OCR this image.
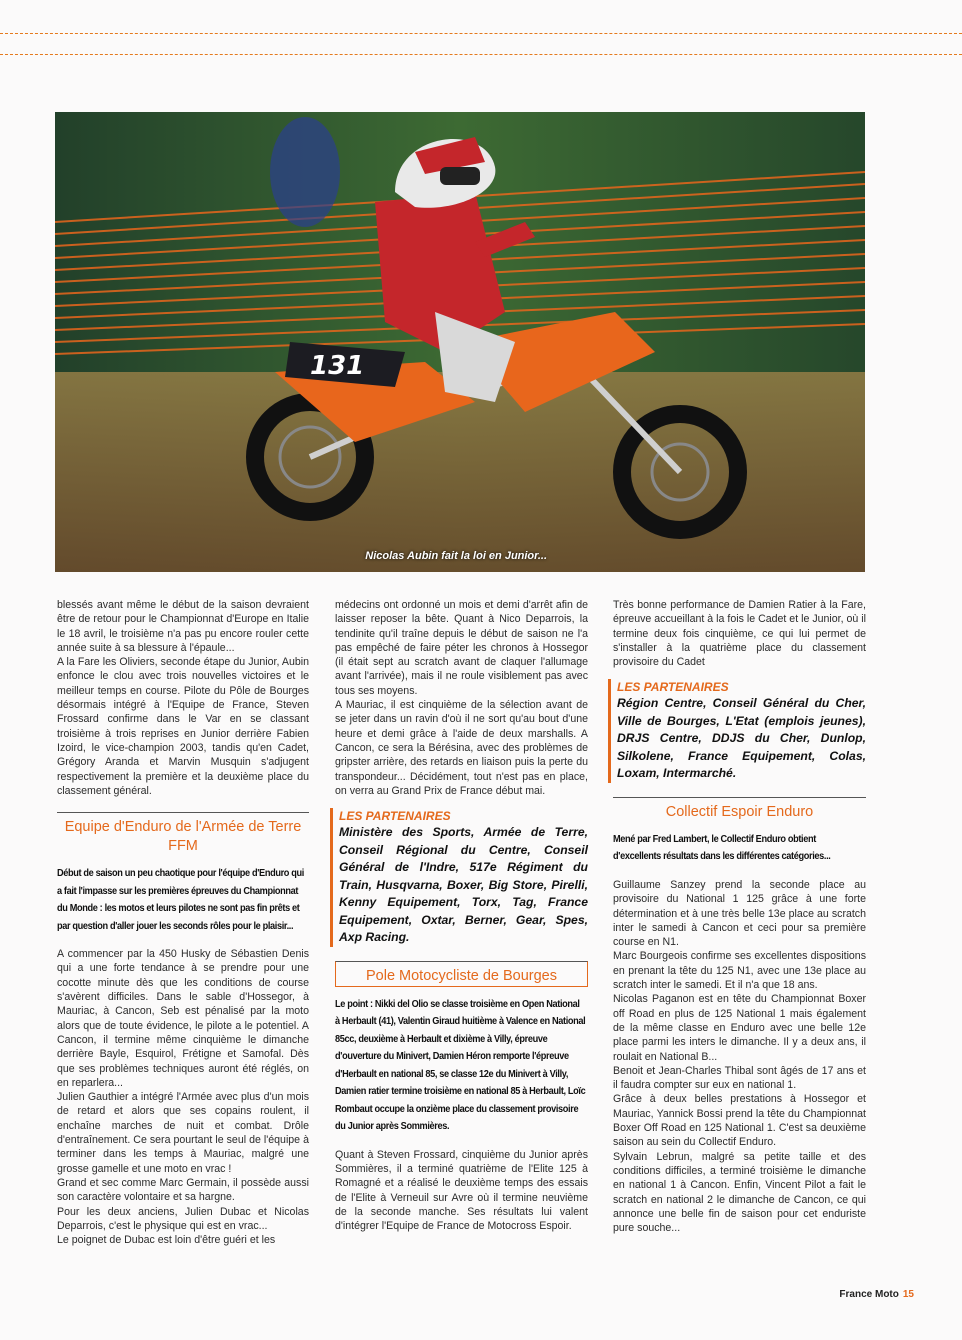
131
Nicolas Aubin fait la loi en Junior...

blessés avant même le début de la saison devraient être de retour pour le Championnat d'Europe en Italie le 18 avril, le troisième n'a pas pu encore rouler cette année suite à sa blessure à l'épaule...

A la Fare les Oliviers, seconde étape du Junior, Aubin enfonce le clou avec trois nouvelles victoires et le meilleur temps en course. Pilote du Pôle de Bourges désormais intégré à l'Equipe de France, Steven Frossard confirme dans le Var en se classant troisième à trois reprises en Junior derrière Fabien Izoird, le vice-champion 2003, tandis qu'en Cadet, Grégory Aranda et Marvin Musquin s'adjugent respectivement la première et la deuxième place du classement général.

Equipe d'Enduro de l'Armée de Terre FFM
Début de saison un peu chaotique pour l'équipe d'Enduro qui a fait l'impasse sur les premières épreuves du Championnat du Monde : les motos et leurs pilotes ne sont pas fin prêts et par question d'aller jouer les seconds rôles pour le plaisir...

A commencer par la 450 Husky de Sébastien Denis qui a une forte tendance à se prendre pour une cocotte minute dès que les conditions de course s'avèrent difficiles. Dans le sable d'Hossegor, à Mauriac, à Cancon, Seb est pénalisé par la moto alors que de toute évidence, le pilote a le potentiel. A Cancon, il termine même cinquième le dimanche derrière Bayle, Esquirol, Frétigne et Samofal. Dès que ses problèmes techniques auront été réglés, on en reparlera...

Julien Gauthier a intégré l'Armée avec plus d'un mois de retard et alors que ses copains roulent, il enchaîne marches de nuit et combat. Drôle d'entraînement. Ce sera pourtant le seul de l'équipe à terminer dans les temps à Mauriac, malgré une grosse gamelle et une moto en vrac !

Grand et sec comme Marc Germain, il possède aussi son caractère volontaire et sa hargne.

Pour les deux anciens, Julien Dubac et Nicolas Deparrois, c'est le physique qui est en vrac...

Le poignet de Dubac est loin d'être guéri et les

médecins ont ordonné un mois et demi d'arrêt afin de laisser reposer la bête. Quant à Nico Deparrois, la tendinite qu'il traîne depuis le début de saison ne l'a pas empêché de faire péter les chronos à Hossegor (il était sept au scratch avant de claquer l'allumage avant l'arrivée), mais il ne roule visiblement pas avec tous ses moyens.

A Mauriac, il est cinquième de la sélection avant de se jeter dans un ravin d'où il ne sort qu'au bout d'une heure et demi grâce à l'aide de deux marshalls. A Cancon, ce sera la Bérésina, avec des problèmes de gripster arrière, des retards en liaison puis la perte du transpondeur... Décidément, tout n'est pas en place, on verra au Grand Prix de France début mai.

LES PARTENAIRES
Ministère des Sports, Armée de Terre, Conseil Régional du Centre, Conseil Général de l'Indre, 517e Régiment du Train, Husqvarna, Boxer, Big Store, Pirelli, Kenny Equipement, Torx, Tag, France Equipement, Oxtar, Berner, Gear, Spes, Axp Racing.
Pole Motocycliste de Bourges
Le point : Nikki del Olio se classe troisième en Open National à Herbault (41), Valentin Giraud huitième à Valence en National 85cc, deuxième à Herbault et dixième à Villy, épreuve d'ouverture du Minivert, Damien Héron remporte l'épreuve d'Herbault en national 85, se classe 12e du Minivert à Villy, Damien ratier termine troisième en national 85 à Herbault, Loïc Rombaut occupe la onzième place du classement provisoire du Junior après Sommières.

Quant à Steven Frossard, cinquième du Junior après Sommières, il a terminé quatrième de l'Elite 125 à Romagné et a réalisé le deuxième temps des essais de l'Elite à Verneuil sur Avre où il termine neuvième de la seconde manche. Ses résultats lui valent d'intégrer l'Equipe de France de Motocross Espoir.

Très bonne performance de Damien Ratier à la Fare, épreuve accueillant à la fois le Cadet et le Junior, où il termine deux fois cinquième, ce qui lui permet de s'installer à la quatrième place du classement provisoire du Cadet

LES PARTENAIRES
Région Centre, Conseil Général du Cher, Ville de Bourges, L'Etat (emplois jeunes), DRJS Centre, DDJS du Cher, Dunlop, Silkolene, France Equipement, Colas, Loxam, Intermarché.
Collectif Espoir Enduro
Mené par Fred Lambert, le Collectif Enduro obtient d'excellents résultats dans les différentes catégories...

Guillaume Sanzey prend la seconde place au provisoire du National 1 125 grâce à une forte détermination et à une très belle 13e place au scratch inter le samedi à Cancon et ceci pour sa première course en N1.

Marc Bourgeois confirme ses excellentes dispositions en prenant la tête du 125 N1, avec une 13e place au scratch inter le samedi. Et il n'a que 18 ans.

Nicolas Paganon est en tête du Championnat Boxer off Road en plus de 125 National 1 mais également de la même classe en Enduro avec une belle 12e place parmi les inters le dimanche. Il y a deux ans, il roulait en National B...

Benoit et Jean-Charles Thibal sont âgés de 17 ans et il faudra compter sur eux en national 1.

Grâce à deux belles prestations à Hossegor et Mauriac, Yannick Bossi prend la tête du Championnat Boxer Off Road en 125 National 1. C'est sa deuxième saison au sein du Collectif Enduro.

Sylvain Lebrun, malgré sa petite taille et des conditions difficiles, a terminé troisième le dimanche en national 1 à Cancon. Enfin, Vincent Pilot a fait le scratch en national 2 le dimanche de Cancon, ce qui annonce une belle fin de saison pour cet enduriste pure souche...

France Moto 15
